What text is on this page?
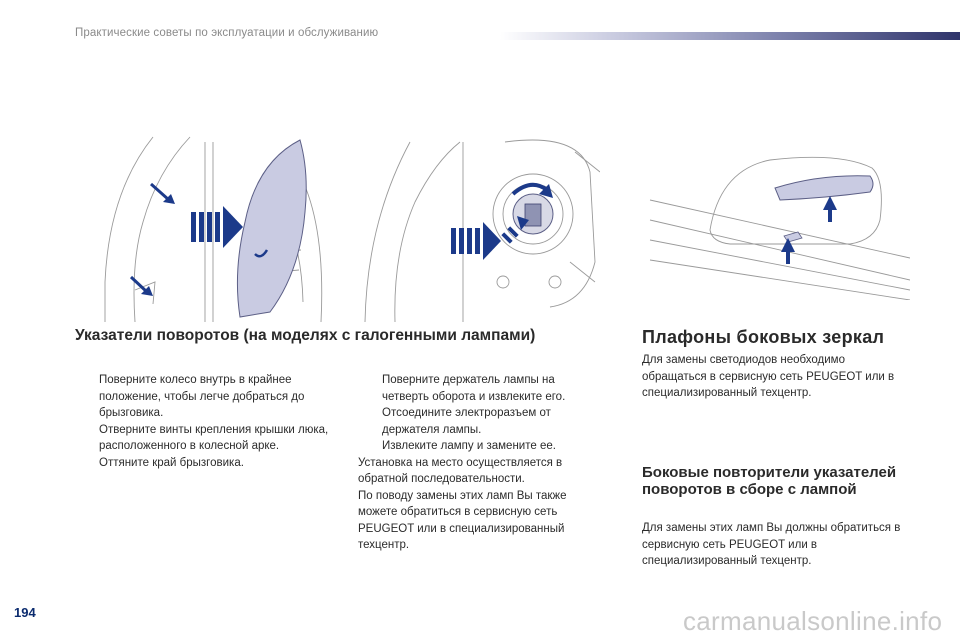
Практические советы по эксплуатации и обслуживанию
Указатели поворотов (на моделях с галогенными лампами)
Поверните колесо внутрь в крайнее положение, чтобы легче добраться до брызговика.
Отверните винты крепления крышки люка, расположенного в колесной арке.
Оттяните край брызговика.
Поверните держатель лампы на четверть оборота и извлеките его.
Отсоедините электроразъем от держателя лампы.
Извлеките лампу и замените ее.
Установка на место осуществляется в обратной последовательности.
По поводу замены этих ламп Вы также можете обратиться в сервисную сеть PEUGEOT или в специализированный техцентр.
Плафоны боковых зеркал
Для замены светодиодов необходимо обращаться в сервисную сеть PEUGEOT или в специализированный техцентр.
Боковые повторители указателей поворотов в сборе с лампой
Для замены этих ламп Вы должны обратиться в сервисную сеть PEUGEOT или в специализированный техцентр.
194	carmanualsonline.info
